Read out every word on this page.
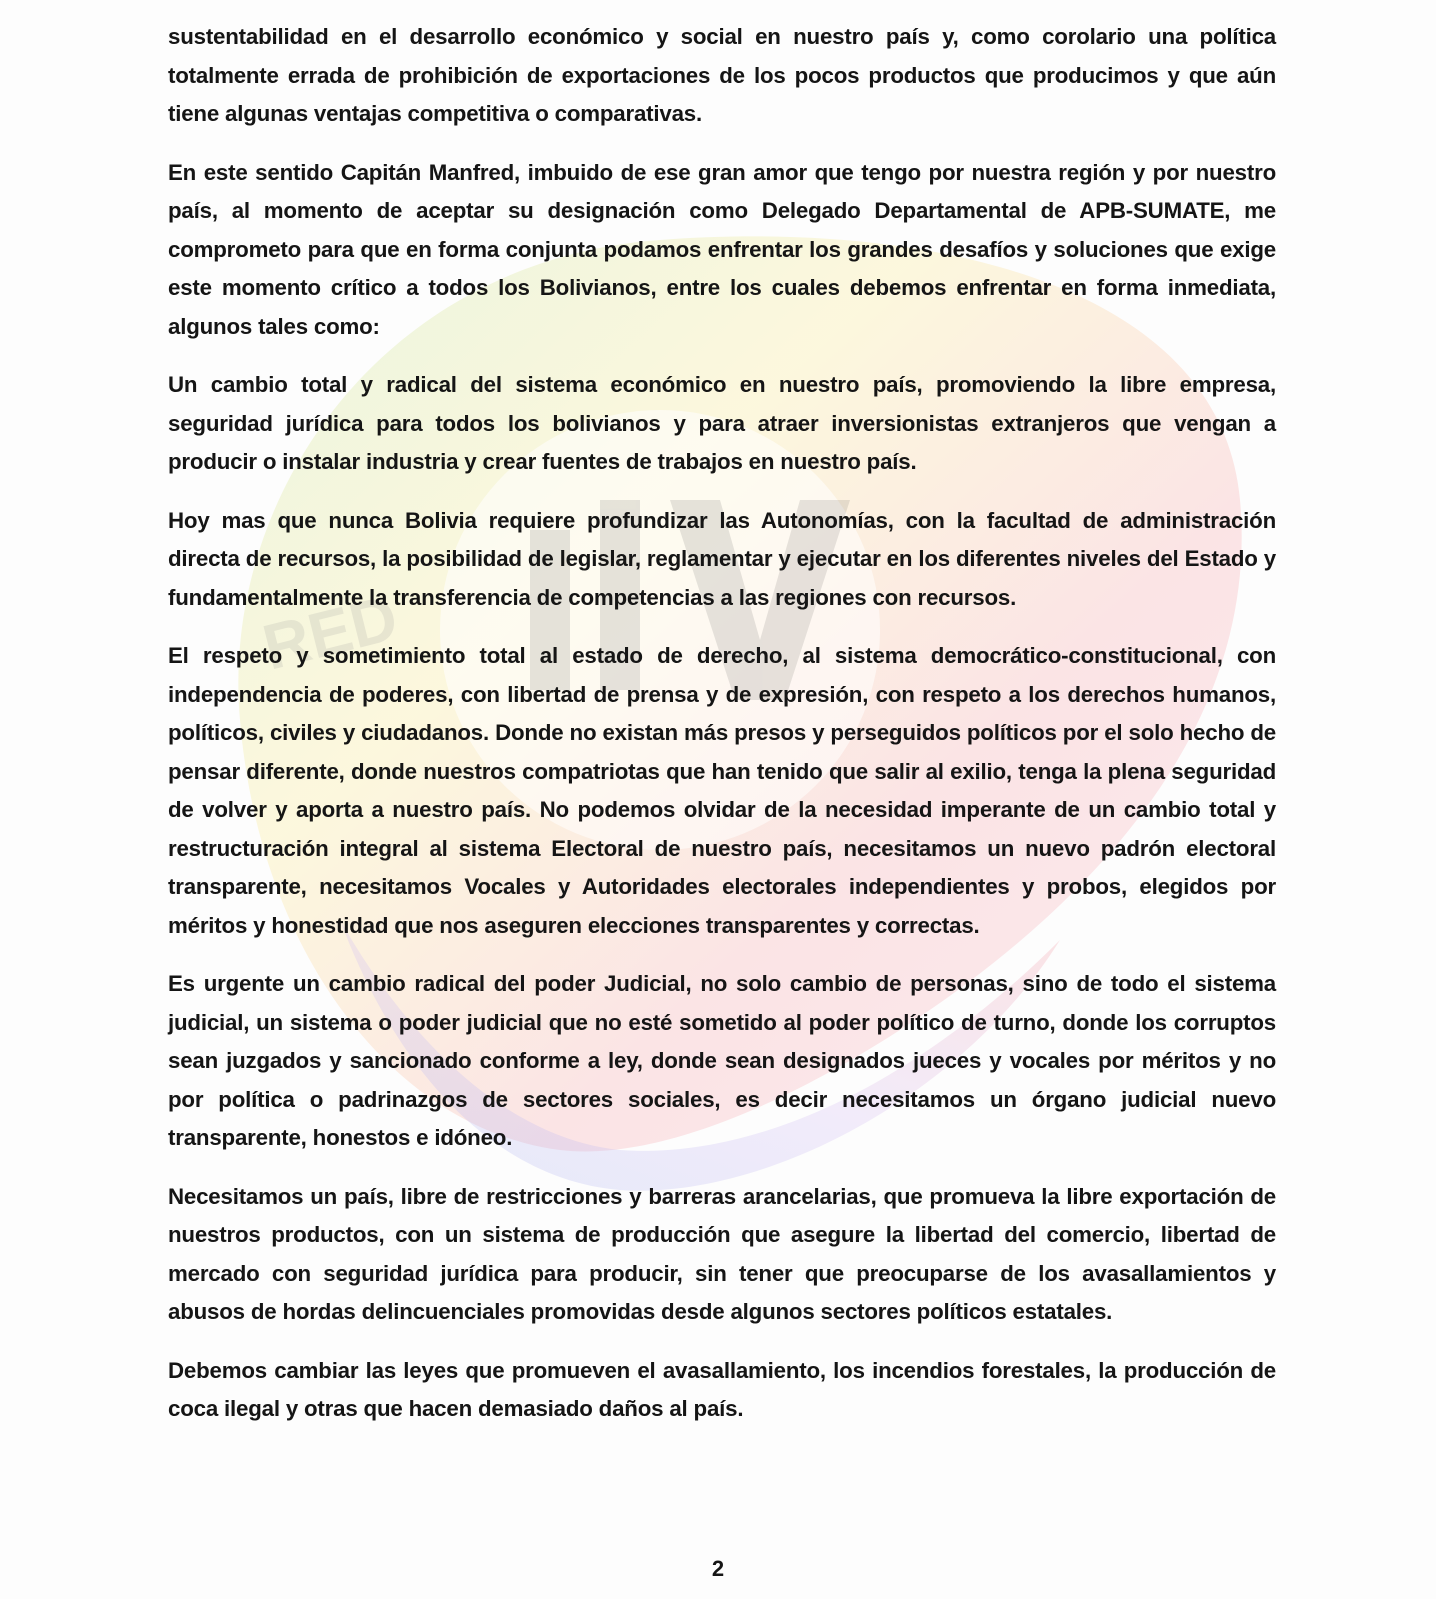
RED

sustentabilidad en el desarrollo económico y social en nuestro país y, como corolario una política totalmente errada de prohibición de exportaciones de los pocos productos que producimos y que aún tiene algunas ventajas competitiva o comparativas.

En este sentido Capitán Manfred, imbuido de ese gran amor que tengo por nuestra región y por nuestro país, al momento de aceptar su designación como Delegado Departamental de APB-SUMATE, me comprometo para que en forma conjunta podamos enfrentar los grandes desafíos y soluciones que exige este momento crítico a todos los Bolivianos, entre los cuales debemos enfrentar en forma inmediata, algunos tales como:

Un cambio total y radical del sistema económico en nuestro país, promoviendo la libre empresa, seguridad jurídica para todos los bolivianos y para atraer inversionistas extranjeros que vengan a producir o instalar industria y crear fuentes de trabajos en nuestro país.

Hoy mas que nunca Bolivia requiere profundizar las Autonomías, con la facultad de administración directa de recursos, la posibilidad de legislar, reglamentar y ejecutar en los diferentes niveles del Estado y fundamentalmente la transferencia de competencias a las regiones con recursos.

El respeto y sometimiento total al estado de derecho, al sistema democrático-constitucional, con independencia de poderes, con libertad de prensa y de expresión, con respeto a los derechos humanos, políticos, civiles y ciudadanos. Donde no existan más presos y perseguidos políticos por el solo hecho de pensar diferente, donde nuestros compatriotas que han tenido que salir al exilio, tenga la plena seguridad de volver y aporta a nuestro país. No podemos olvidar de la necesidad imperante de un cambio total y restructuración integral al sistema Electoral de nuestro país, necesitamos un nuevo padrón electoral transparente, necesitamos Vocales y Autoridades electorales independientes y probos, elegidos por méritos y honestidad que nos aseguren elecciones transparentes y correctas.

Es urgente un cambio radical del poder Judicial, no solo cambio de personas, sino de todo el sistema judicial, un sistema o poder judicial que no esté sometido al poder político de turno, donde los corruptos sean juzgados y sancionado conforme a ley, donde sean designados jueces y vocales por méritos y no por política o padrinazgos de sectores sociales, es decir necesitamos un órgano judicial nuevo transparente, honestos e idóneo.

Necesitamos un país, libre de restricciones y barreras arancelarias, que promueva la libre exportación de nuestros productos, con un sistema de producción que asegure la libertad del comercio, libertad de mercado con seguridad jurídica para producir, sin tener que preocuparse de los avasallamientos y abusos de hordas delincuenciales promovidas desde algunos sectores políticos estatales.

Debemos cambiar las leyes que promueven el avasallamiento, los incendios forestales, la producción de coca ilegal y otras que hacen demasiado daños al país.

2
